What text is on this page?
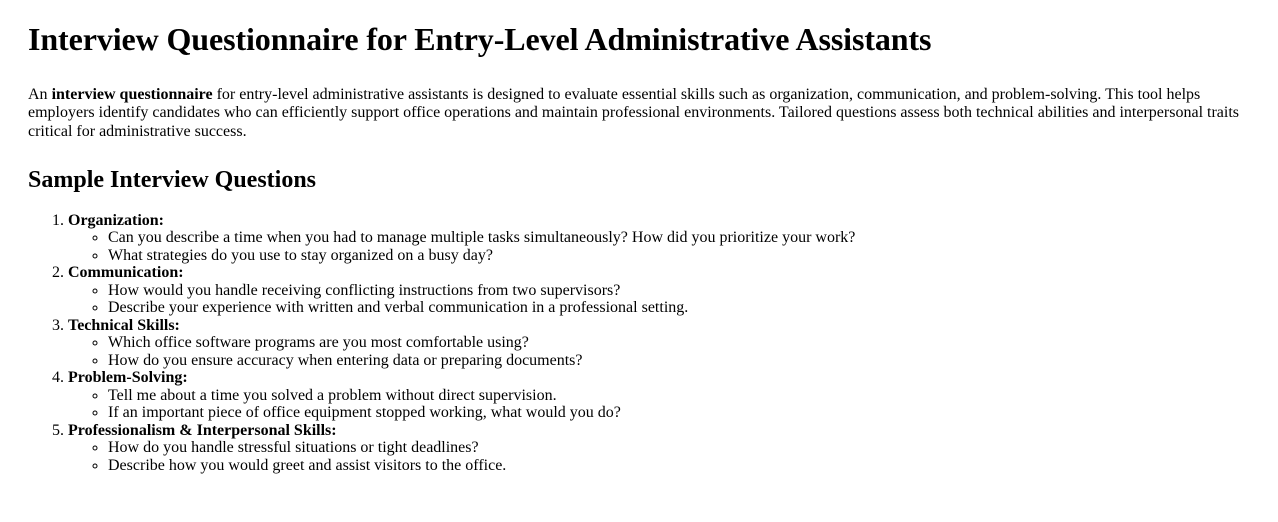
Interview Questionnaire for Entry-Level Administrative Assistants

An interview questionnaire for entry-level administrative assistants is designed to evaluate essential skills such as organization, communication, and problem-solving. This tool helps employers identify candidates who can efficiently support office operations and maintain professional environments. Tailored questions assess both technical abilities and interpersonal traits critical for administrative success.

Sample Interview Questions
1. Organization:
◦ Can you describe a time when you had to manage multiple tasks simultaneously? How did you prioritize your work?
◦ What strategies do you use to stay organized on a busy day?
2. Communication:
◦ How would you handle receiving conflicting instructions from two supervisors?
◦ Describe your experience with written and verbal communication in a professional setting.
3. Technical Skills:
◦ Which office software programs are you most comfortable using?
◦ How do you ensure accuracy when entering data or preparing documents?
4. Problem-Solving:
◦ Tell me about a time you solved a problem without direct supervision.
◦ If an important piece of office equipment stopped working, what would you do?
5. Professionalism & Interpersonal Skills:
◦ How do you handle stressful situations or tight deadlines?
◦ Describe how you would greet and assist visitors to the office.
